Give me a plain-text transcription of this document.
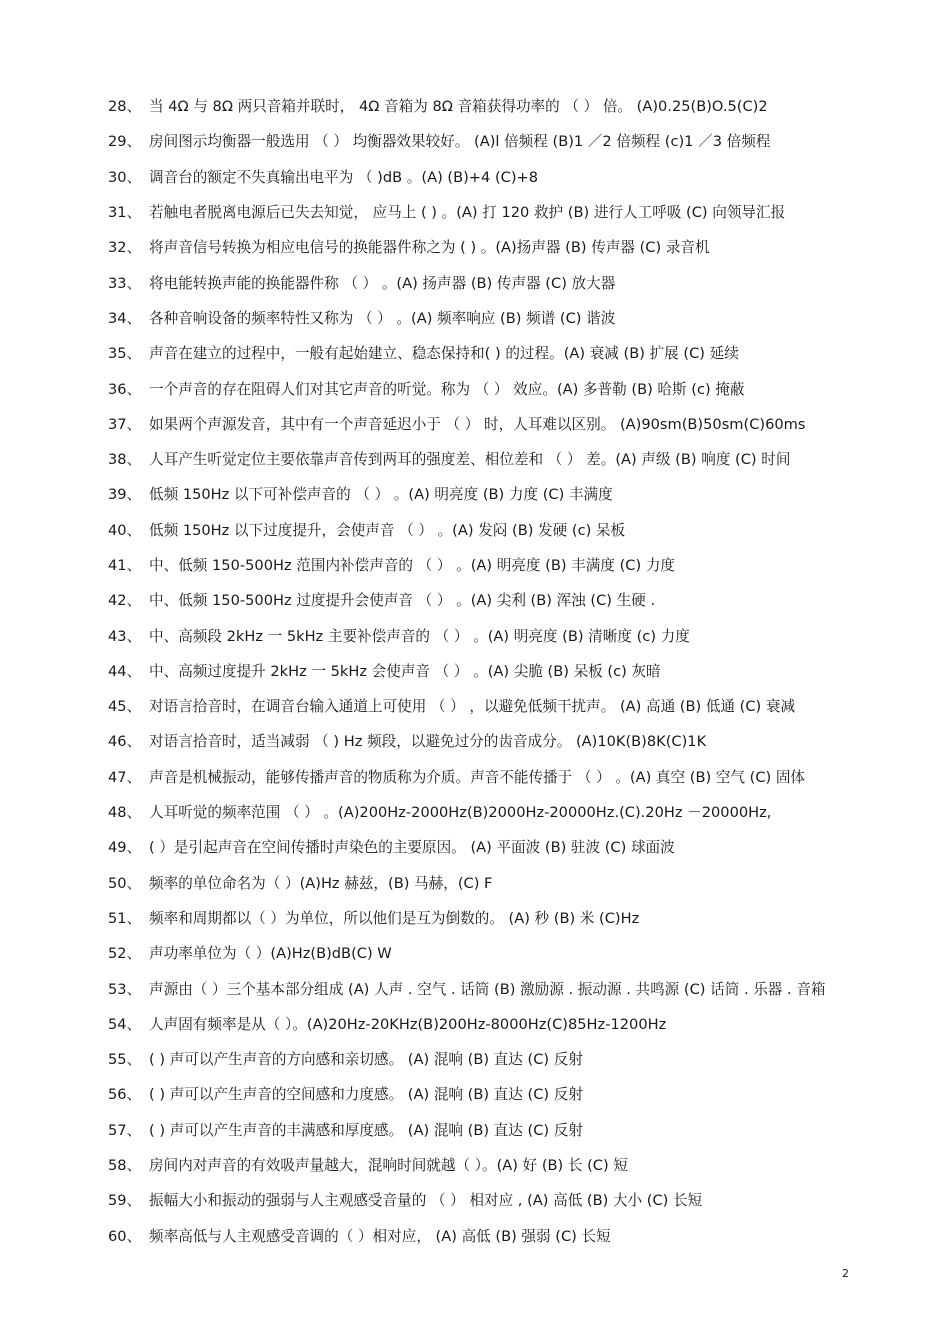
28、 当 4Ω 与 8Ω 两只音箱并联时， 4Ω 音箱为 8Ω 音箱获得功率的 （ ） 倍。 (A)0.25(B)O.5(C)2
29、 房间图示均衡器一般选用 （ ） 均衡器效果较好。 (A)l 倍频程 (B)1 ／2 倍频程 (c)1 ／3 倍频程
30、 调音台的额定不失真输出电平为 （ )dB 。(A) (B)+4 (C)+8
31、 若触电者脱离电源后已失去知觉， 应马上 ( ) 。(A) 打 120 救护 (B) 进行人工呼吸 (C) 向领导汇报
32、 将声音信号转换为相应电信号的换能器件称之为 ( ) 。(A)扬声器 (B) 传声器 (C) 录音机
33、 将电能转换声能的换能器件称 （ ） 。(A) 扬声器 (B) 传声器 (C) 放大器
34、 各种音响设备的频率特性又称为 （ ） 。(A) 频率响应 (B) 频谱 (C) 谐波
35、 声音在建立的过程中，一般有起始建立、稳态保持和( ) 的过程。(A) 衰减 (B) 扩展 (C) 延续
36、 一个声音的存在阻碍人们对其它声音的听觉。称为 （ ） 效应。(A) 多普勒 (B) 哈斯 (c) 掩蔽
37、 如果两个声源发音，其中有一个声音延迟小于 （ ） 时，人耳难以区别。 (A)90sm(B)50sm(C)60ms
38、 人耳产生听觉定位主要依靠声音传到两耳的强度差、相位差和 （ ） 差。(A) 声级 (B) 响度 (C) 时间
39、 低频 150Hz 以下可补偿声音的 （ ） 。(A) 明亮度 (B) 力度 (C) 丰满度
40、 低频 150Hz 以下过度提升，会使声音 （ ） 。(A) 发闷 (B) 发硬 (c) 呆板
41、 中、低频 150-500Hz 范围内补偿声音的 （ ） 。(A) 明亮度 (B) 丰满度 (C) 力度
42、 中、低频 150-500Hz 过度提升会使声音 （ ） 。(A) 尖利 (B) 浑浊 (C) 生硬 .
43、 中、高频段 2kHz 一 5kHz 主要补偿声音的 （ ） 。(A) 明亮度 (B) 清晰度 (c) 力度
44、 中、高频过度提升 2kHz 一 5kHz 会使声音 （ ） 。(A) 尖脆 (B) 呆板 (c) 灰暗
45、 对语言拾音时，在调音台输入通道上可使用 （ ） ，以避免低频干扰声。 (A) 高通 (B) 低通 (C) 衰减
46、 对语言拾音时，适当减弱 （ ) Hz 频段，以避免过分的齿音成分。 (A)10K(B)8K(C)1K
47、 声音是机械振动，能够传播声音的物质称为介质。声音不能传播于 （ ） 。(A) 真空 (B) 空气 (C) 固体
48、 人耳听觉的频率范围 （ ） 。(A)200Hz-2000Hz(B)2000Hz-20000Hz.(C).20Hz －20000Hz,
49、 ( ）是引起声音在空间传播时声染色的主要原因。 (A) 平面波 (B) 驻波 (C) 球面波
50、 频率的单位命名为（ ）(A)Hz 赫兹，(B) 马赫，(C) F
51、 频率和周期都以（ ）为单位，所以他们是互为倒数的。 (A) 秒 (B) 米 (C)Hz
52、 声功率单位为（ ）(A)Hz(B)dB(C) W
53、 声源由（ ）三个基本部分组成 (A) 人声 . 空气 . 话筒 (B) 激励源 . 振动源 . 共鸣源 (C) 话筒 . 乐器 . 音箱
54、 人声固有频率是从（ ）。(A)20Hz-20KHz(B)200Hz-8000Hz(C)85Hz-1200Hz
55、 ( ) 声可以产生声音的方向感和亲切感。 (A) 混响 (B) 直达 (C) 反射
56、 ( ) 声可以产生声音的空间感和力度感。 (A) 混响 (B) 直达 (C) 反射
57、 ( ) 声可以产生声音的丰满感和厚度感。 (A) 混响 (B) 直达 (C) 反射
58、 房间内对声音的有效吸声量越大，混响时间就越（ ）。(A) 好 (B) 长 (C) 短
59、 振幅大小和振动的强弱与人主观感受音量的 （ ） 相对应 , (A) 高低 (B) 大小 (C) 长短
60、 频率高低与人主观感受音调的（ ）相对应， (A) 高低 (B) 强弱 (C) 长短
2
